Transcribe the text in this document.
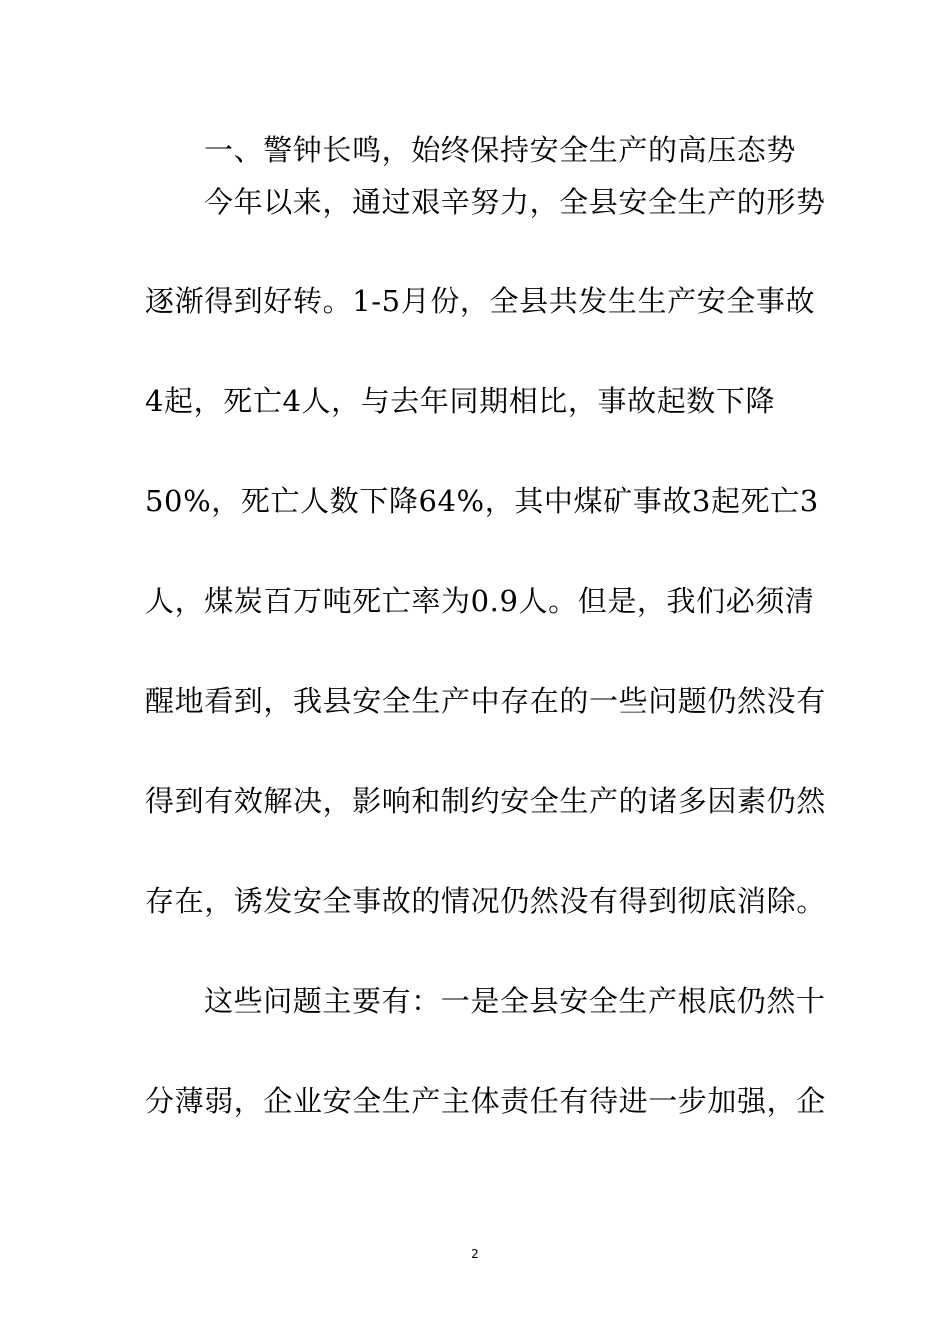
一、警钟长鸣，始终保持安全生产的高压态势
今年以来，通过艰辛努力，全县安全生产的形势
逐渐得到好转。1-5月份，全县共发生生产安全事故
4起，死亡4人，与去年同期相比，事故起数下降
50%，死亡人数下降64%，其中煤矿事故3起死亡3
人，煤炭百万吨死亡率为0.9人。但是，我们必须清
醒地看到，我县安全生产中存在的一些问题仍然没有
得到有效解决，影响和制约安全生产的诸多因素仍然
存在，诱发安全事故的情况仍然没有得到彻底消除。
这些问题主要有：一是全县安全生产根底仍然十
分薄弱，企业安全生产主体责任有待进一步加强，企
2
